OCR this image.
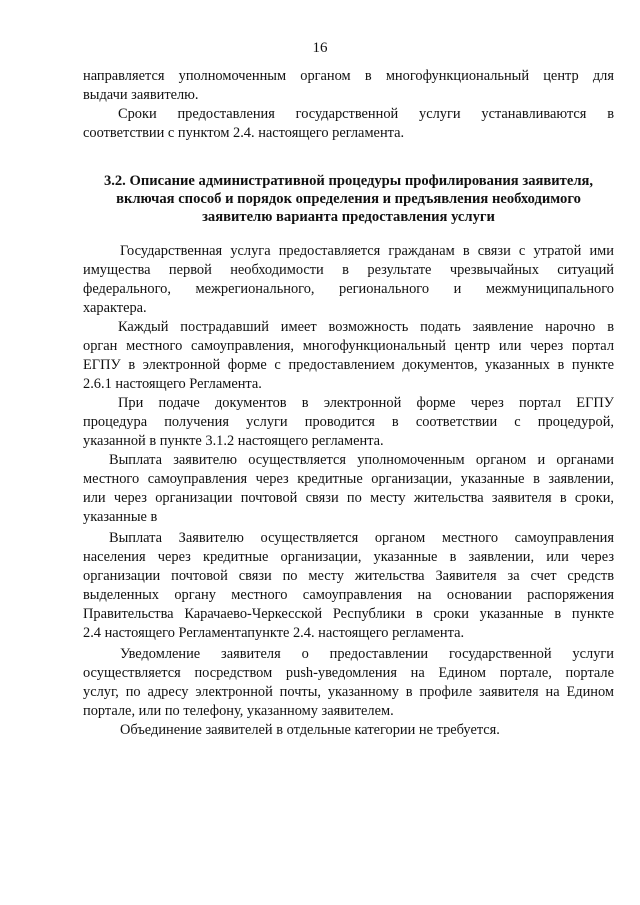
16
направляется уполномоченным органом в многофункциональный центр для
выдачи заявителю.
Сроки предоставления государственной услуги устанавливаются в
соответствии с пунктом 2.4. настоящего регламента.
3.2. Описание административной процедуры профилирования заявителя,
включая способ и порядок определения и предъявления необходимого
заявителю варианта предоставления услуги
Государственная услуга предоставляется гражданам в связи с утратой ими
имущества первой необходимости в результате чрезвычайных ситуаций
федерального, межрегионального, регионального и межмуниципального
характера.
Каждый пострадавший имеет возможность подать заявление нарочно в
орган местного самоуправления, многофункциональный центр или через портал
ЕГПУ в электронной форме с предоставлением документов, указанных в пункте
2.6.1 настоящего Регламента.
При подаче документов в электронной форме через портал ЕГПУ
процедура получения услуги проводится в соответствии с процедурой,
указанной в пункте 3.1.2 настоящего регламента.
Выплата заявителю осуществляется уполномоченным органом и органами
местного самоуправления через кредитные организации, указанные в заявлении,
или через организации почтовой связи по месту жительства заявителя в сроки,
указанные в
Выплата Заявителю осуществляется органом местного самоуправления
населения через кредитные организации, указанные в заявлении, или через
организации почтовой связи по месту жительства Заявителя за счет средств
выделенных органу местного самоуправления на основании распоряжения
Правительства Карачаево-Черкесской Республики в сроки указанные в пункте
2.4 настоящего Регламентапункте 2.4. настоящего регламента.
Уведомление заявителя о предоставлении государственной услуги
осуществляется посредством push-уведомления на Едином портале, портале
услуг, по адресу электронной почты, указанному в профиле заявителя на Едином
портале, или по телефону, указанному заявителем.
Объединение заявителей в отдельные категории не требуется.
